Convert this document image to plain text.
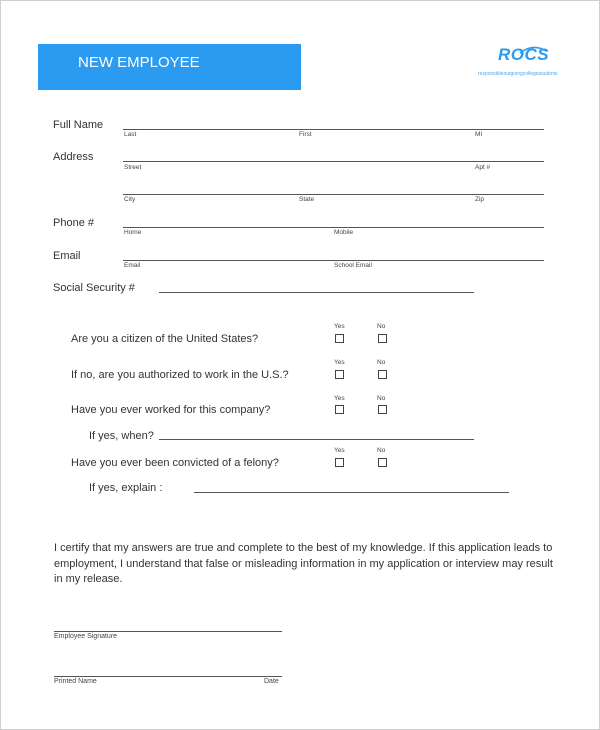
NEW EMPLOYEE APPLICATION
ROCS
responsibleoutgoingcollegestudents
Full Name
Last	First	MI
Address
Street	Apt #
City	State	Zip
Phone #
Home	Mobile
Email
Email	School Email
Social Security #
Yes	No
Are you a citizen of the United States?
Yes	No
If no, are you authorized to work in the U.S.?
Yes	No
Have you ever worked for this company?
If yes, when?
Yes	No
Have you ever been convicted of a felony?
If yes, explain :
I certify that my answers are true and complete to the best of my knowledge. If this application leads to employment, I understand that false or misleading information in my application or interview may result in my release.
Employee Signature
Printed Name	Date
